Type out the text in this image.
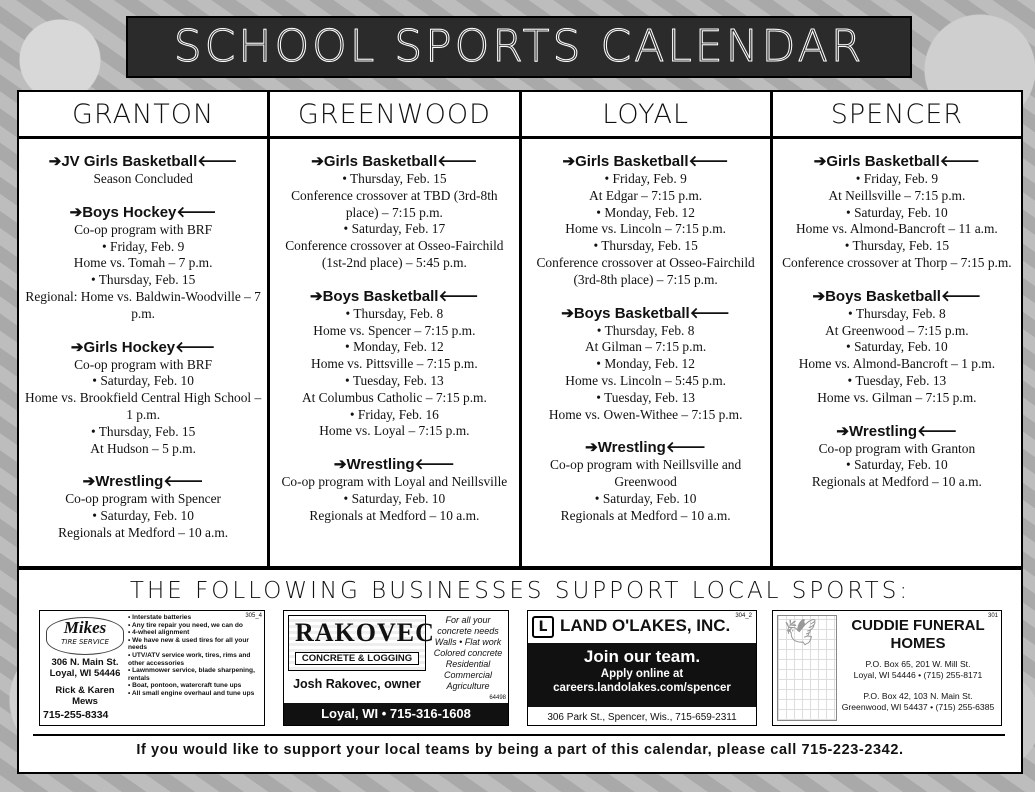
SCHOOL SPORTS CALENDAR
GRANTON
➔JV Girls Basketball🡐
Season Concluded
➔Boys Hockey🡐
Co-op program with BRF
• Friday, Feb. 9
Home vs. Tomah – 7 p.m.
• Thursday, Feb. 15
Regional: Home vs. Baldwin-Woodville – 7 p.m.
➔Girls Hockey🡐
Co-op program with BRF
• Saturday, Feb. 10
Home vs. Brookfield Central High School – 1 p.m.
• Thursday, Feb. 15
At Hudson – 5 p.m.
➔Wrestling🡐
Co-op program with Spencer
• Saturday, Feb. 10
Regionals at Medford – 10 a.m.
GREENWOOD
➔Girls Basketball🡐
• Thursday, Feb. 15
Conference crossover at TBD (3rd-8th place) – 7:15 p.m.
• Saturday, Feb. 17
Conference crossover at Osseo-Fairchild (1st-2nd place) – 5:45 p.m.
➔Boys Basketball🡐
• Thursday, Feb. 8
Home vs. Spencer – 7:15 p.m.
• Monday, Feb. 12
Home vs. Pittsville – 7:15 p.m.
• Tuesday, Feb. 13
At Columbus Catholic – 7:15 p.m.
• Friday, Feb. 16
Home vs. Loyal – 7:15 p.m.
➔Wrestling🡐
Co-op program with Loyal and Neillsville
• Saturday, Feb. 10
Regionals at Medford – 10 a.m.
LOYAL
➔Girls Basketball🡐
• Friday, Feb. 9
At Edgar – 7:15 p.m.
• Monday, Feb. 12
Home vs. Lincoln – 7:15 p.m.
• Thursday, Feb. 15
Conference crossover at Osseo-Fairchild (3rd-8th place) – 7:15 p.m.
➔Boys Basketball🡐
• Thursday, Feb. 8
At Gilman – 7:15 p.m.
• Monday, Feb. 12
Home vs. Lincoln – 5:45 p.m.
• Tuesday, Feb. 13
Home vs. Owen-Withee – 7:15 p.m.
➔Wrestling🡐
Co-op program with Neillsville and Greenwood
• Saturday, Feb. 10
Regionals at Medford – 10 a.m.
SPENCER
➔Girls Basketball🡐
• Friday, Feb. 9
At Neillsville – 7:15 p.m.
• Saturday, Feb. 10
Home vs. Almond-Bancroft – 11 a.m.
• Thursday, Feb. 15
Conference crossover at Thorp – 7:15 p.m.
➔Boys Basketball🡐
• Thursday, Feb. 8
At Greenwood – 7:15 p.m.
• Saturday, Feb. 10
Home vs. Almond-Bancroft – 1 p.m.
• Tuesday, Feb. 13
Home vs. Gilman – 7:15 p.m.
➔Wrestling🡐
Co-op program with Granton
• Saturday, Feb. 10
Regionals at Medford – 10 a.m.
THE FOLLOWING BUSINESSES SUPPORT LOCAL SPORTS:
Mikes
TIRE SERVICE
306 N. Main St.
Loyal, WI 54446
Rick & Karen Mews
715-255-8334
• Interstate batteries
• Any tire repair you need, we can do
• 4-wheel alignment
• We have new & used tires for all your needs
• UTV/ATV service work, tires, rims and other accessories
• Lawnmower service, blade sharpening, rentals
• Boat, pontoon, watercraft tune ups
• All small engine overhaul and tune ups
305_4
RAKOVEC
CONCRETE & LOGGING
Josh Rakovec, owner
For all your concrete needs
Walls • Flat work
Colored concrete
Residential
Commercial
Agriculture
Loyal, WI • 715-316-1608
64498
L LAND O'LAKES, INC. 304_2
Join our team.
Apply online at
careers.landolakes.com/spencer
306 Park St., Spencer, Wis., 715-659-2311
🕊	CUDDIE FUNERAL HOMES
P.O. Box 65, 201 W. Mill St.
Loyal, WI 54446 • (715) 255-8171
P.O. Box 42, 103 N. Main St.
Greenwood, WI 54437 • (715) 255-6385
301
If you would like to support your local teams by being a part of this calendar, please call 715-223-2342.
